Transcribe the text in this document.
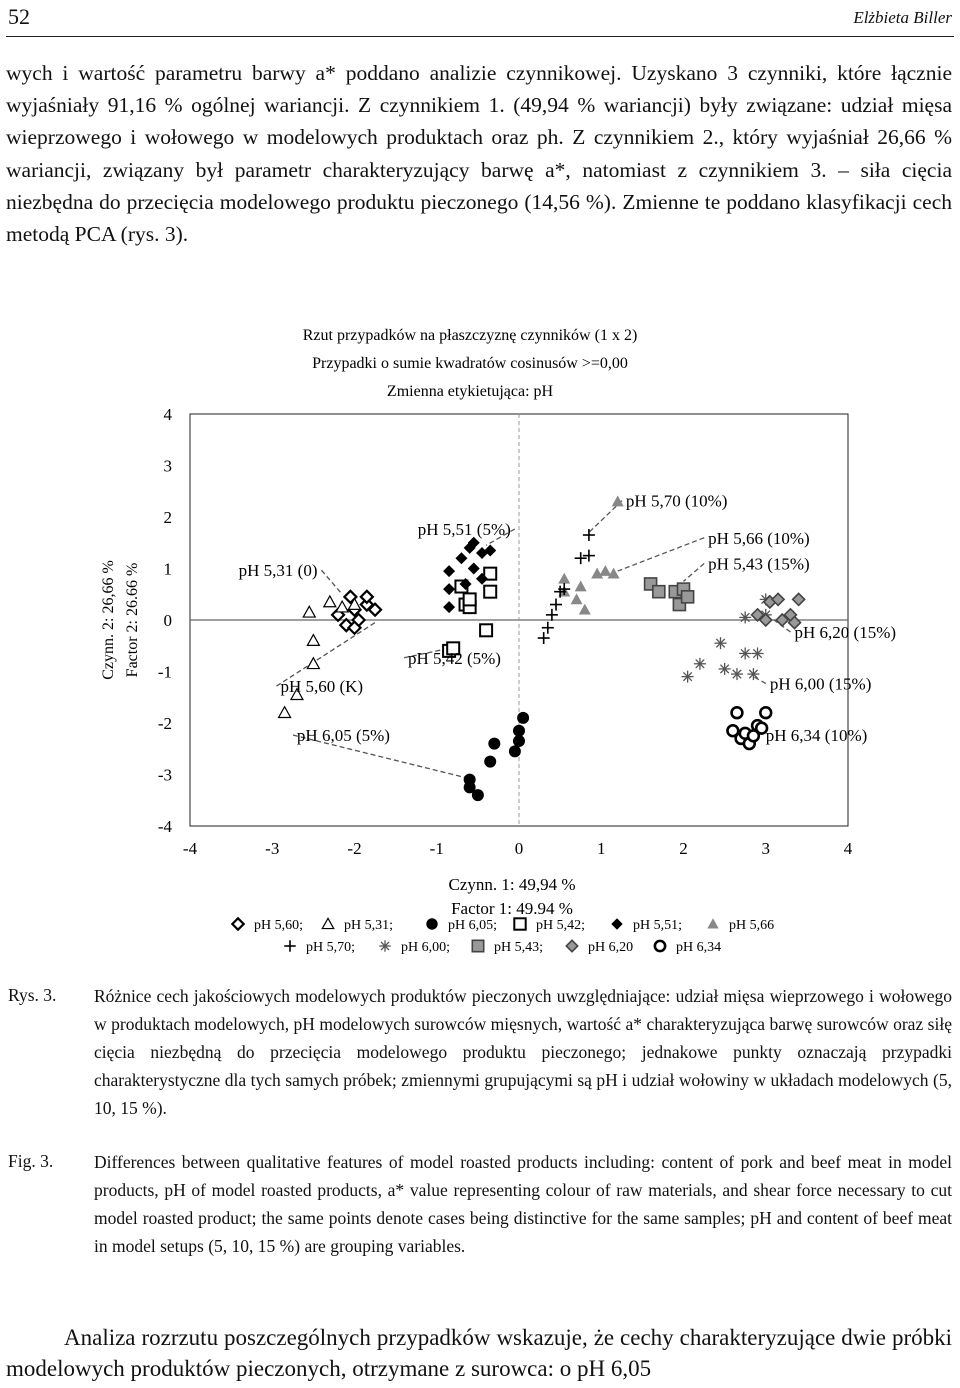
52	Elżbieta Biller

wych i wartość parametru barwy a* poddano analizie czynnikowej. Uzyskano 3 czynniki, które łącznie wyjaśniały 91,16 % ogólnej wariancji. Z czynnikiem 1. (49,94 % wariancji) były związane: udział mięsa wieprzowego i wołowego w modelowych produktach oraz ph. Z czynnikiem 2., który wyjaśniał 26,66 % wariancji, związany był parametr charakteryzujący barwę a*, natomiast z czynnikiem 3. – siła cięcia niezbędna do przecięcia modelowego produktu pieczonego (14,56 %). Zmienne te poddano klasyfikacji cech metodą PCA (rys. 3).

Rzut przypadków na płaszczyznę czynników (1 x 2)
Przypadki o sumie kwadratów cosinusów >=0,00
Zmienna etykietująca: pH
4
3
2
1
0
-1
-2
-3
-4
-4	-3	-2	-1	0	1	2	3	4
pH 5,31 (0)
pH 5,51 (5%)
pH 5,70 (10%)
pH 5,66 (10%)
pH 5,43 (15%)
pH 6,20 (15%)
pH 5,42 (5%)
pH 5,60 (K)	pH 6,00 (15%)
pH 6,05 (5%)	pH 6,34 (10%)
Czynn. 2: 26,66 % Factor 2: 26.66 %
Czynn. 1: 49,94 %
Factor 1: 49.94 %
pH 5,60;	pH 5,31;	pH 6,05;	pH 5,42;	pH 5,51;	pH 5,66
pH 5,70;	pH 6,00;	pH 5,43;	pH 6,20	pH 6,34
Rys. 3. Różnice cech jakościowych modelowych produktów pieczonych uwzględniające: udział mięsa wieprzowego i wołowego w produktach modelowych, pH modelowych surowców mięsnych, wartość a* charakteryzująca barwę surowców oraz siłę cięcia niezbędną do przecięcia modelowego produktu pieczonego; jednakowe punkty oznaczają przypadki charakterystyczne dla tych samych próbek; zmiennymi grupującymi są pH i udział wołowiny w układach modelowych (5, 10, 15 %).

Fig. 3. Differences between qualitative features of model roasted products including: content of pork and beef meat in model products, pH of model roasted products, a* value representing colour of raw materials, and shear force necessary to cut model roasted product; the same points denote cases being distinctive for the same samples; pH and content of beef meat in model setups (5, 10, 15 %) are grouping variables.

Analiza rozrzutu poszczególnych przypadków wskazuje, że cechy charakteryzujące dwie próbki modelowych produktów pieczonych, otrzymane z surowca: o pH 6,05
